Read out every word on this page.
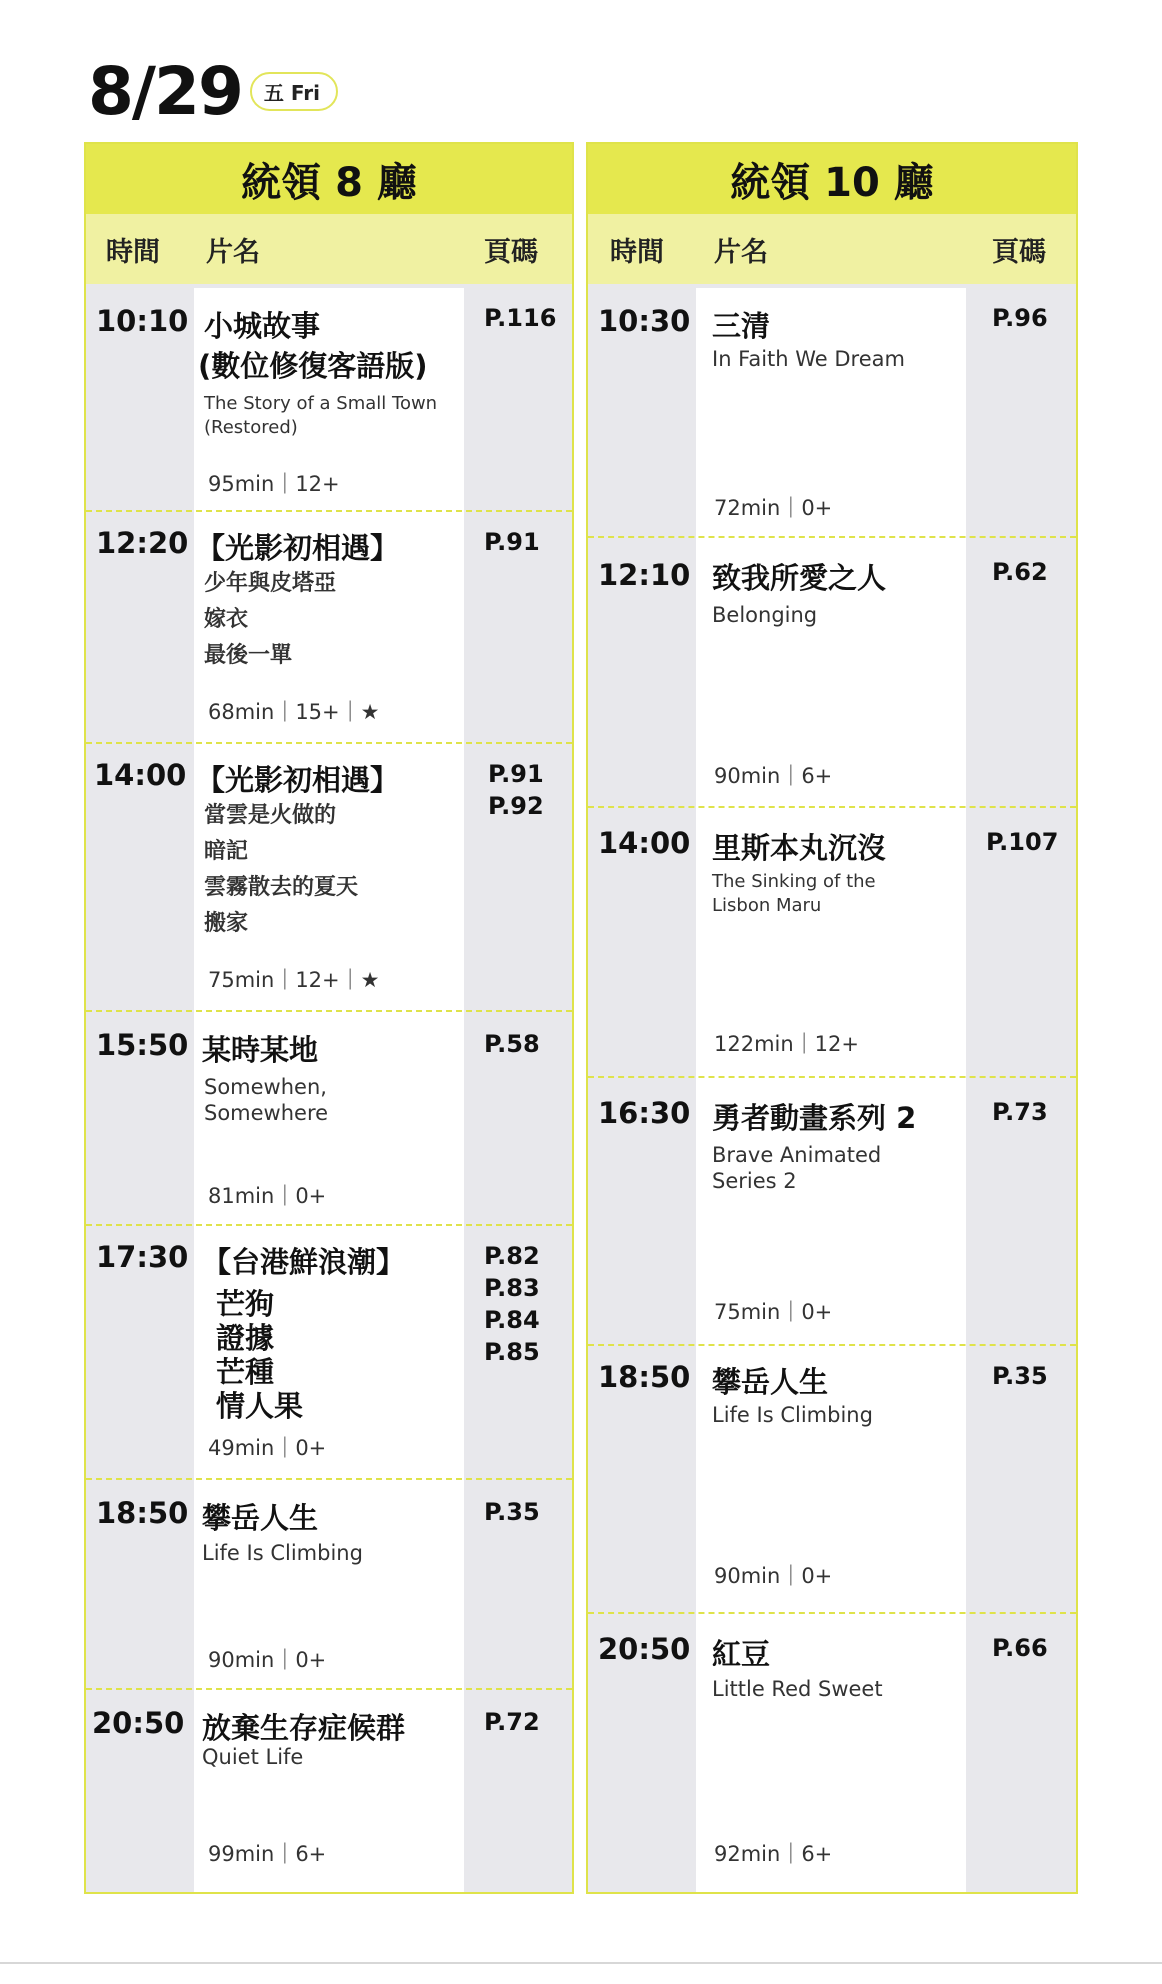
8/29	五 Fri
統領 8 廳
時間 片名	頁碼
10:10 小城故事
(數位修復客語版)
The Story of a Small Town (Restored)
95min｜12+
P.116
12:20 【光影初相遇】
少年與皮塔亞
嫁衣
最後一單
68min｜15+｜★
P.91
14:00 【光影初相遇】
當雲是火做的
暗記
雲霧散去的夏天
搬家
75min｜12+｜★
P.91
P.92
15:50 某時某地
Somewhen, Somewhere
81min｜0+
P.58
17:30 【台港鮮浪潮】
芒狗
證據
芒種
情人果
49min｜0+
P.82
P.83
P.84
P.85
18:50 攀岳人生
Life Is Climbing
90min｜0+
P.35
20:50 放棄生存症候群
Quiet Life
99min｜6+
P.72
統領 10 廳
時間 片名	頁碼
10:30 三清
In Faith We Dream
72min｜0+
P.96
12:10 致我所愛之人
Belonging
90min｜6+
P.62
14:00 里斯本丸沉沒
The Sinking of the Lisbon Maru
122min｜12+
P.107
16:30 勇者動畫系列 2
Brave Animated Series 2
75min｜0+
P.73
18:50 攀岳人生
Life Is Climbing
90min｜0+
P.35
20:50 紅豆
Little Red Sweet
92min｜6+
P.66
